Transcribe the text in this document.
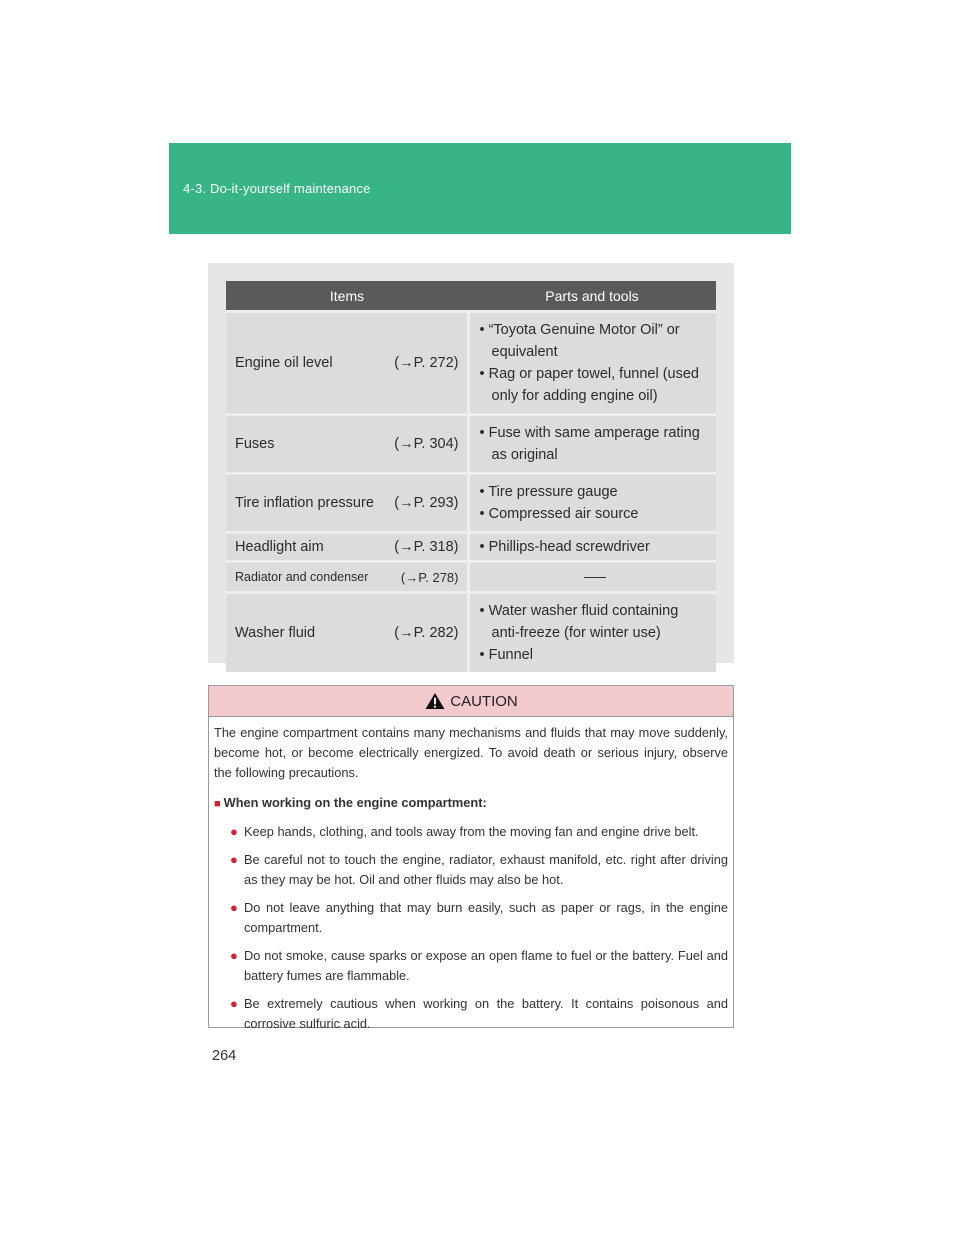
4-3. Do-it-yourself maintenance
Items	Parts and tools

Engine oil level (→P. 272)	• “Toyota Genuine Motor Oil” or equivalent
• Rag or paper towel, funnel (used only for adding engine oil)

Fuses (→P. 304)	• Fuse with same amperage rating as original

Tire inflation pressure (→P. 293)	• Tire pressure gauge
• Compressed air source

Headlight aim (→P. 318)	• Phillips-head screwdriver

Radiator and condenser (→P. 278)	

Washer fluid (→P. 282)	• Water washer fluid containing anti-freeze (for winter use)
• Funnel
CAUTION

The engine compartment contains many mechanisms and fluids that may move suddenly, become hot, or become electrically energized. To avoid death or serious injury, observe the following precautions.

■ When working on the engine compartment:

● Keep hands, clothing, and tools away from the moving fan and engine drive belt.

● Be careful not to touch the engine, radiator, exhaust manifold, etc. right after driving as they may be hot. Oil and other fluids may also be hot.

● Do not leave anything that may burn easily, such as paper or rags, in the engine compartment.

● Do not smoke, cause sparks or expose an open flame to fuel or the battery. Fuel and battery fumes are flammable.

● Be extremely cautious when working on the battery. It contains poisonous and corrosive sulfuric acid.

264
